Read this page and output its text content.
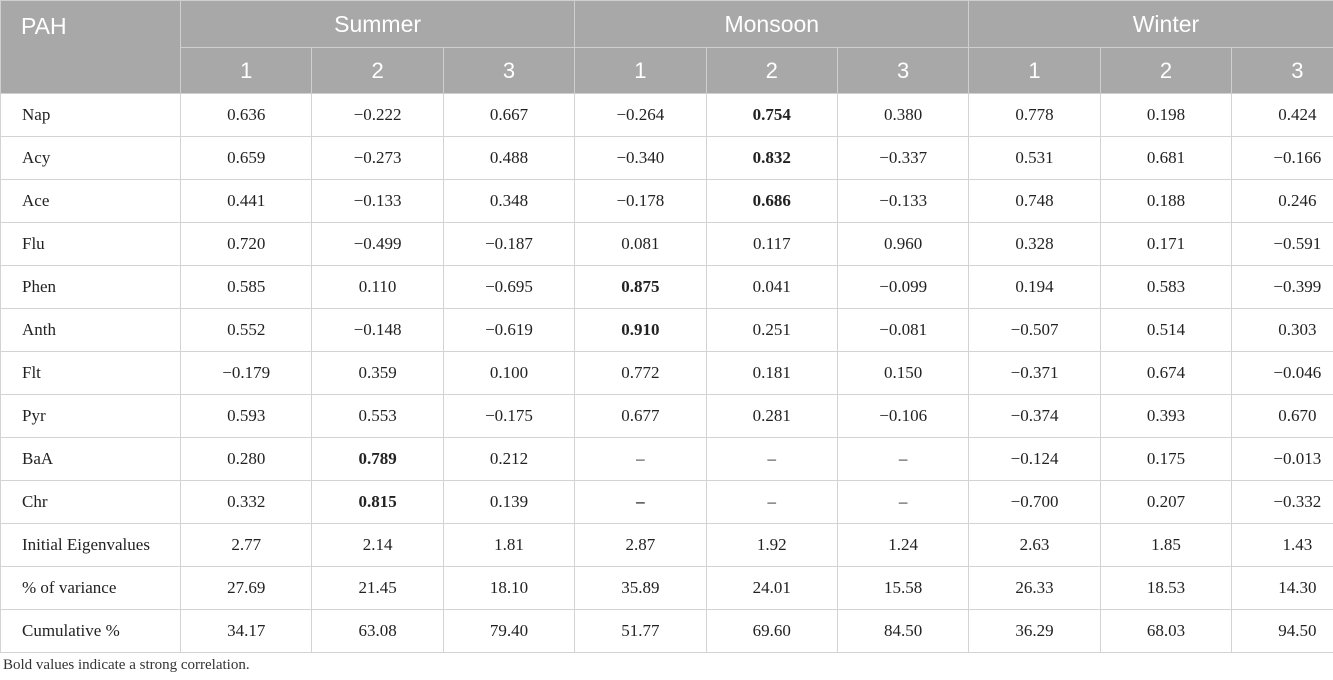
PAH	Summer			Monsoon			Winter		
	1	2	3	1	2	3	1	2	3
Nap	0.636	−0.222	0.667	−0.264	0.754	0.380	0.778	0.198	0.424
Acy	0.659	−0.273	0.488	−0.340	0.832	−0.337	0.531	0.681	−0.166
Ace	0.441	−0.133	0.348	−0.178	0.686	−0.133	0.748	0.188	0.246
Flu	0.720	−0.499	−0.187	0.081	0.117	0.960	0.328	0.171	−0.591
Phen	0.585	0.110	−0.695	0.875	0.041	−0.099	0.194	0.583	−0.399
Anth	0.552	−0.148	−0.619	0.910	0.251	−0.081	−0.507	0.514	0.303
Flt	−0.179	0.359	0.100	0.772	0.181	0.150	−0.371	0.674	−0.046
Pyr	0.593	0.553	−0.175	0.677	0.281	−0.106	−0.374	0.393	0.670
BaA	0.280	0.789	0.212	–	–	–	−0.124	0.175	−0.013
Chr	0.332	0.815	0.139	–	–	–	−0.700	0.207	−0.332
Initial Eigenvalues	2.77	2.14	1.81	2.87	1.92	1.24	2.63	1.85	1.43
% of variance	27.69	21.45	18.10	35.89	24.01	15.58	26.33	18.53	14.30
Cumulative %	34.17	63.08	79.40	51.77	69.60	84.50	36.29	68.03	94.50
Bold values indicate a strong correlation.
